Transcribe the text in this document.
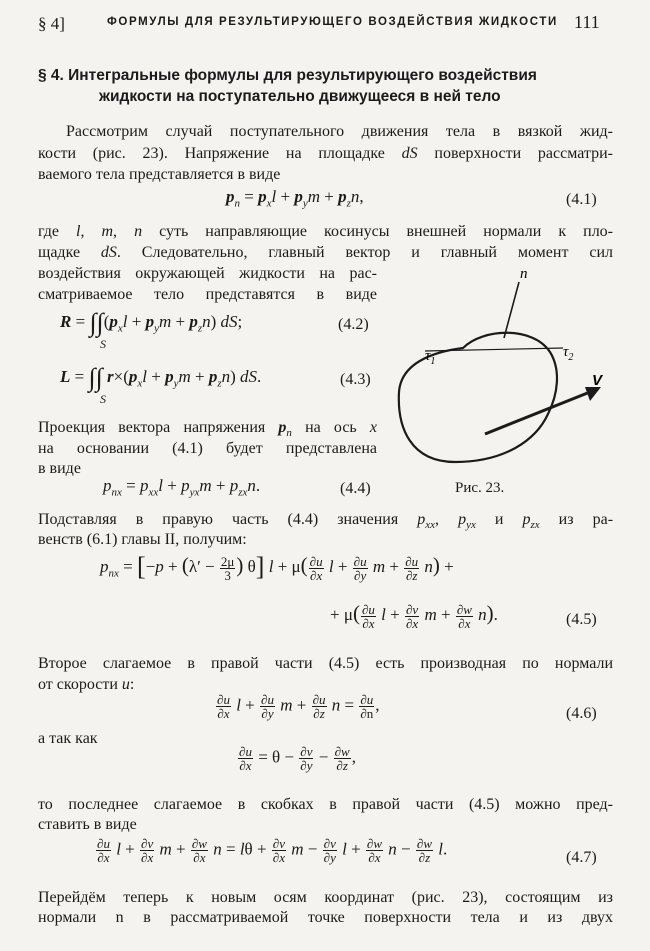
§ 4]	ФОРМУЛЫ ДЛЯ РЕЗУЛЬТИРУЮЩЕГО ВОЗДЕЙСТВИЯ ЖИДКОСТИ 111
§ 4. Интегральные формулы для результирующего воздействия
жидкости на поступательно движущееся в ней тело
Рассмотрим случай поступательного движения тела в вязкой жид-
кости (рис. 23). Напряжение на площадке dS поверхности рассматри-
ваемого тела представляется в виде
$p_n = p_xl + p_ym + p_zn$,	(4.1)
где l, m, n суть направляющие косинусы внешней нормали к пло-
щадке dS. Следовательно, главный вектор и главный момент сил
воздействия окружающей жидкости на рас-
сматриваемое тело представятся в виде
$R = \int\int(p_xl + p_ym + p_zn)$ dS;
S
(4.2)
L = ∫∫ $r\times(p_xl + p_ym + p_zn)$ dS.
S
(4.3)
Проекция вектора напряжения $p_n$ на ось x
на основании (4.1) будет представлена
в виде
$p_{nx} = p_{xx}l + p_{yx}m + p_{zx}n$.	(4.4)
n
$\tau_1$
$\tau_2$
V
Рис. 23.
Подставляя в правую часть (4.4) значения $p_{xx}$, $p_{yx}$ и $p_{zx}$ из ра-
венств (6.1) главы II, получим:
$p_{nx} = [-p + (\lambda' - \frac{2\mu}{3}$ ) θ] $l + \mu( \frac{\partial u}{\partial x}$ $l + \frac{\partial u}{\partial y}$ $m + \frac{\partial u}{\partial z} n$) +
+ $\mu( \frac{\partial u}{\partial x}$ $l + \frac{\partial v}{\partial x}$ $m + \frac{\partial w}{\partial x} n$).	(4.5)
Второе слагаемое в правой части (4.5) есть производная по нормали
от скорости u:
$\frac{\partial u}{\partial x}$ $l + \frac{\partial u}{\partial y}$ $m + \frac{\partial u}{\partial z}$ $n = \frac{\partial u}{\partial n}$ ,	(4.6)
а так как
$\frac{\partial u}{\partial x} = \theta - \frac{\partial v}{\partial y} - \frac{\partial w}{\partial z}$ ,
то последнее слагаемое в скобках в правой части (4.5) можно пред-
ставить в виде
$\frac{\partial u}{\partial x}$ $l + \frac{\partial v}{\partial x}$ $m + \frac{\partial w}{\partial x}$ $n = l\theta + \frac{\partial v}{\partial x}$ $m - \frac{\partial v}{\partial y}$ $l + \frac{\partial w}{\partial x}$ $n - \frac{\partial w}{\partial z} l$.	(4.7)
Перейдём теперь к новым осям координат (рис. 23), состоящим из
нормали n в рассматриваемой точке поверхности тела и из двух
